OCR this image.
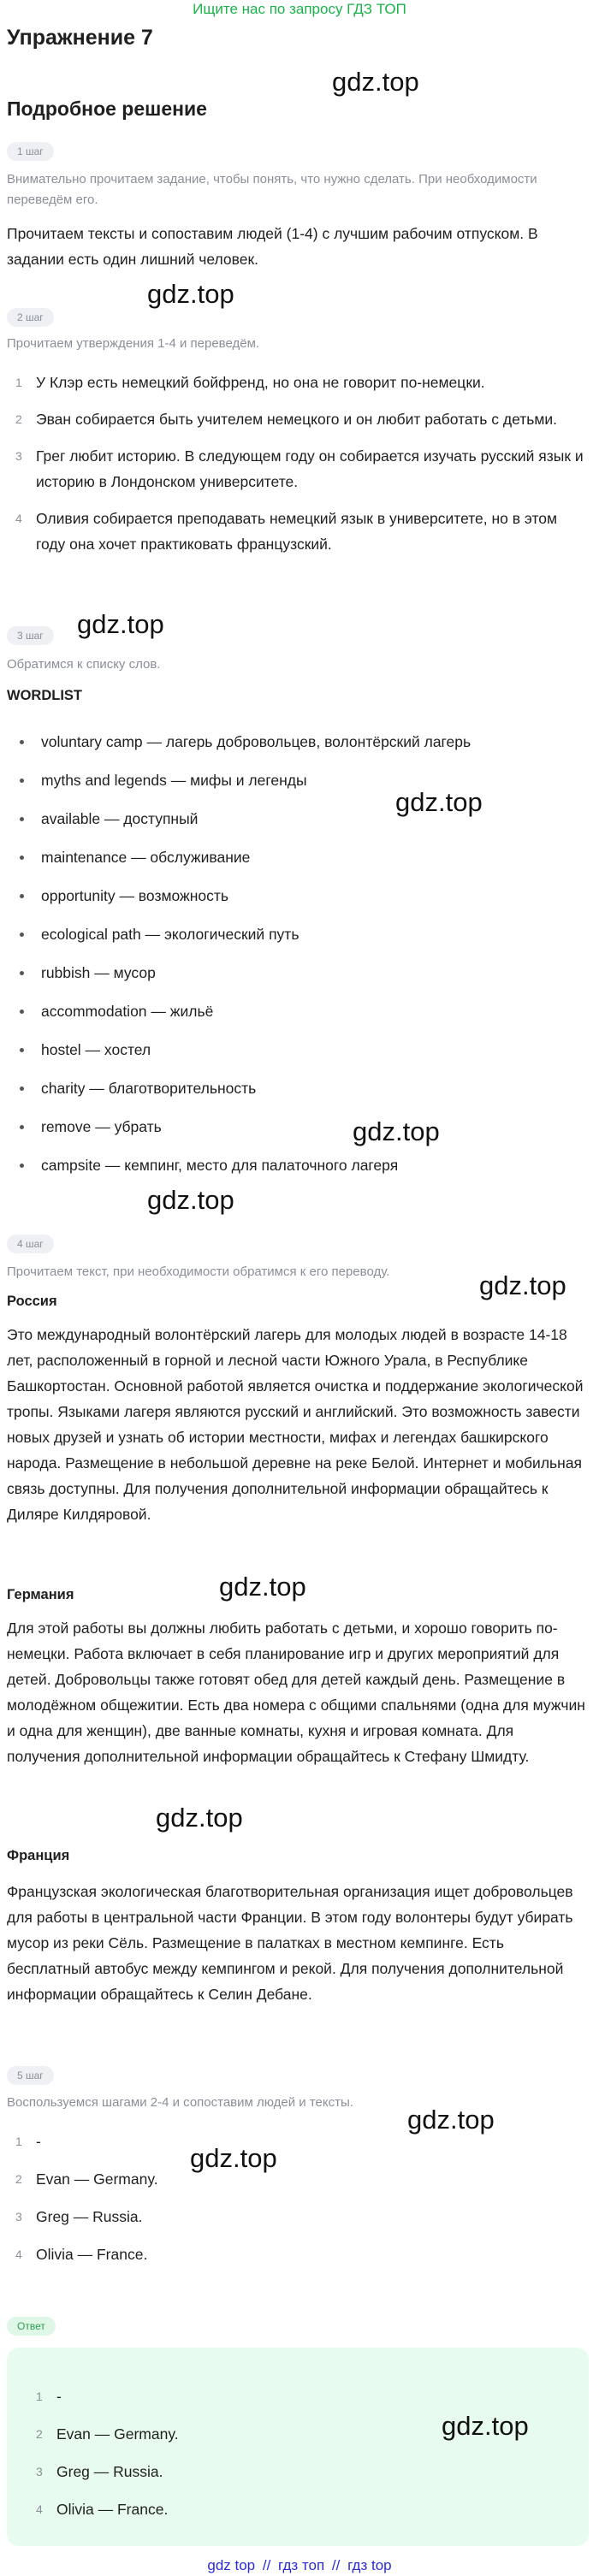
Ищите нас по запросу ГДЗ ТОП
Упражнение 7
gdz.top
Подробное решение
1 шаг
Внимательно прочитаем задание, чтобы понять, что нужно сделать. При необходимости переведём его.
Прочитаем тексты и сопоставим людей (1-4) с лучшим рабочим отпуском. В задании есть один лишний человек.
gdz.top
2 шаг
Прочитаем утверждения 1-4 и переведём.
1 У Клэр есть немецкий бойфренд, но она не говорит по-немецки.
2 Эван собирается быть учителем немецкого и он любит работать с детьми.
3 Грег любит историю. В следующем году он собирается изучать русский язык и историю в Лондонском университете.
4 Оливия собирается преподавать немецкий язык в университете, но в этом году она хочет практиковать французский.
gdz.top
3 шаг
Обратимся к списку слов.
WORDLIST
gdz.top
voluntary camp — лагерь добровольцев, волонтёрский лагерь
myths and legends — мифы и легенды
available — доступный
maintenance — обслуживание
opportunity — возможность
ecological path — экологический путь
rubbish — мусор
accommodation — жильё
hostel — хостел
charity — благотворительность
remove — убрать
campsite — кемпинг, место для палаточного лагеря
gdz.top
gdz.top
4 шаг
Прочитаем текст, при необходимости обратимся к его переводу.	gdz.top
Россия
Это международный волонтёрский лагерь для молодых людей в возрасте 14-18 лет, расположенный в горной и лесной части Южного Урала, в Республике Башкортостан. Основной работой является очистка и поддержание экологической тропы. Языками лагеря являются русский и английский. Это возможность завести новых друзей и узнать об истории местности, мифах и легендах башкирского народа. Размещение в небольшой деревне на реке Белой. Интернет и мобильная связь доступны. Для получения дополнительной информации обращайтесь к Диляре Килдяровой.
gdz.top
Германия
Для этой работы вы должны любить работать с детьми, и хорошо говорить по-немецки. Работа включает в себя планирование игр и других мероприятий для детей. Добровольцы также готовят обед для детей каждый день. Размещение в молодёжном общежитии. Есть два номера с общими спальнями (одна для мужчин и одна для женщин), две ванные комнаты, кухня и игровая комната. Для получения дополнительной информации обращайтесь к Стефану Шмидту.
gdz.top
Франция
Французская экологическая благотворительная организация ищет добровольцев для работы в центральной части Франции. В этом году волонтеры будут убирать мусор из реки Сёль. Размещение в палатках в местном кемпинге. Есть бесплатный автобус между кемпингом и рекой. Для получения дополнительной информации обращайтесь к Селин Дебане.
5 шаг
Воспользуемся шагами 2-4 и сопоставим людей и тексты.
gdz.top
1 -
2 Evan — Germany.
3 Greg — Russia.
4 Olivia — France.
gdz.top
Ответ
1 -
2 Evan — Germany.
3 Greg — Russia.
4 Olivia — France.
gdz.top
gdz top // гдз топ // гдз top
